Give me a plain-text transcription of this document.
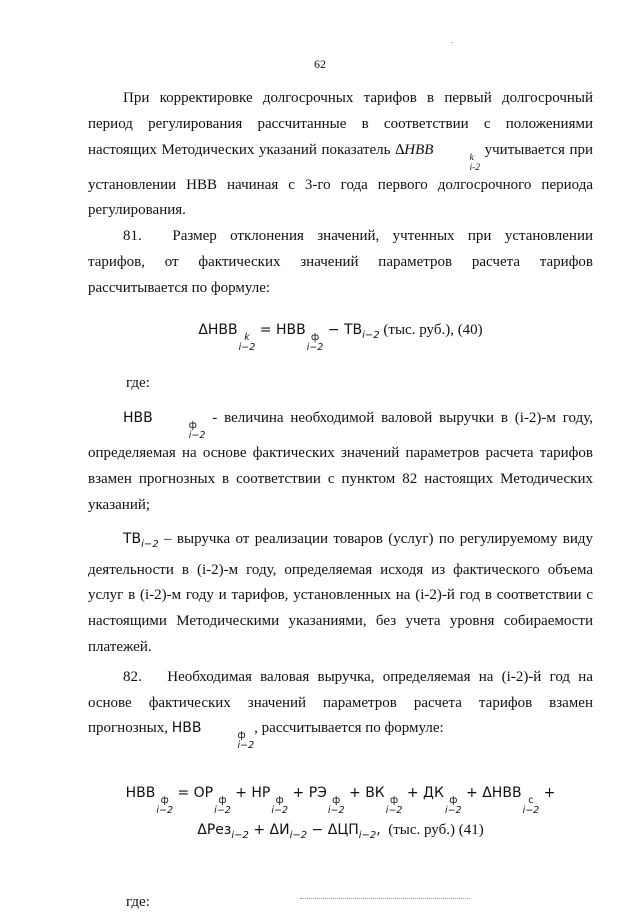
62

При корректировке долгосрочных тарифов в первый долгосрочный период регулирования рассчитанные в соответствии с положениями настоящих Методических указаний показатель ∆НВВ	k
i-2
учитывается при установлении НВВ начиная с 3-го года первого долгосрочного периода регулирования.

81. Размер отклонения значений, учтенных при установлении тарифов, от фактических значений параметров расчета тарифов рассчитывается по формуле:

ΔНВВ k
i−2
= НВВ ф
i−2
− $ТВ_{i-2}$ (тыс. руб.), (40)

где:

НВВ	ф
i−2
- величина необходимой валовой выручки в (i-2)-м году, определяемая на основе фактических значений параметров расчета тарифов взамен прогнозных в соответствии с пунктом 82 настоящих Методических указаний;

$ТВ_{i-2}$ – выручка от реализации товаров (услуг) по регулируемому виду деятельности в (i-2)-м году, определяемая исходя из фактического объема услуг в (i-2)-м году и тарифов, установленных на (i-2)-й год в соответствии с настоящими Методическими указаниями, без учета уровня собираемости платежей.

82. Необходимая валовая выручка, определяемая на (i-2)-й год на основе фактических значений параметров расчета тарифов взамен прогнозных, НВВ	ф
i−2
, рассчитывается по формуле:

НВВ ф
i−2
= ОР ф
i−2
+ НР ф
i−2
+ РЭ ф
i−2
+ ВК ф
i−2
+ ДК ф
i−2
+ ΔНВВ c
i−2
+
$\Delta Рез_{i-2} + \Delta И_{i-2} - \Delta ЦП_{i-2}$,  (тыс. руб.) (41)

где:
